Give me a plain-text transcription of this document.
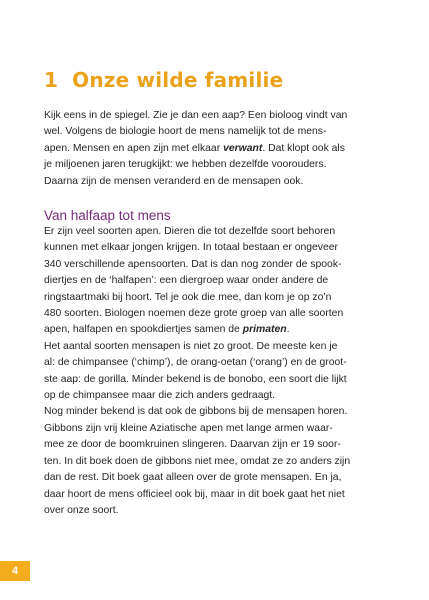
1 Onze wilde familie

Kijk eens in de spiegel. Zie je dan een aap? Een bioloog vindt van
wel. Volgens de biologie hoort de mens namelijk tot de mens-
apen. Mensen en apen zijn met elkaar verwant. Dat klopt ook als
je miljoenen jaren terugkijkt: we hebben dezelfde voorouders.
Daarna zijn de mensen veranderd en de mensapen ook.

Van halfaap tot mens

Er zijn veel soorten apen. Dieren die tot dezelfde soort behoren
kunnen met elkaar jongen krijgen. In totaal bestaan er ongeveer
340 verschillende apensoorten. Dat is dan nog zonder de spook-
diertjes en de ‘halfapen’: een diergroep waar onder andere de
ringstaartmaki bij hoort. Tel je ook die mee, dan kom je op zo’n
480 soorten. Biologen noemen deze grote groep van alle soorten
apen, halfapen en spookdiertjes samen de primaten.
Het aantal soorten mensapen is niet zo groot. De meeste ken je
al: de chimpansee (‘chimp’), de orang-oetan (‘orang’) en de groot-
ste aap: de gorilla. Minder bekend is de bonobo, een soort die lijkt
op de chimpansee maar die zich anders gedraagt.
Nog minder bekend is dat ook de gibbons bij de mensapen horen.
Gibbons zijn vrij kleine Aziatische apen met lange armen waar-
mee ze door de boomkruinen slingeren. Daarvan zijn er 19 soor-
ten. In dit boek doen de gibbons niet mee, omdat ze zo anders zijn
dan de rest. Dit boek gaat alleen over de grote mensapen. En ja,
daar hoort de mens officieel ook bij, maar in dit boek gaat het niet
over onze soort.

4
